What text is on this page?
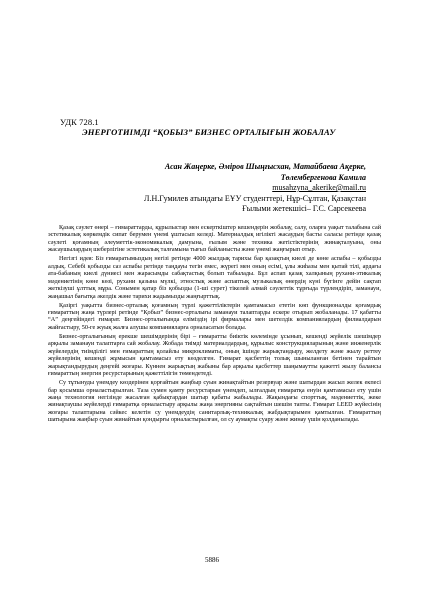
УДК 728.1
ЭНЕРГОТИІМДІ “ҚОБЫЗ” БИЗНЕС ОРТАЛЫҒЫН ЖОБАЛАУ
Асан Жаңерке, Әміров Шыңғысхан, Матайбаева Ақерке,
Төлембергенова Камила
musahzyna_akerike@mail.ru
Л.Н.Гумилев атындағы ЕҰУ студенттері, Нұр-Сұлтан, Қазақстан
Ғылыми жетекшісі– Г.С. Сарсекеева

Қазақ сәулет өнері – ғимараттарды, құрылыстар мен ескерткіштер кешендерін жобалау, салу, оларға уақыт талабына сай эстетикалық көркемдік сипат берумен үнемі ұштасып келеді. Материалдық игілікті жасаудың басты саласы ретінде қазақ сәулеті қоғамның әлеуметтік-экономикалық дамуына, ғылым және техника жетістіктерінің жинақталуына, оны жасаушылардың шеберлігіне эстетикалық талғамына тығыз байланысты және үнемі жаңғырып отыр.

Негізгі идея: Біз ғимаратымыздың негізі ретінде 4000 жылдық тарихы бар қазақтың киелі де көне аспабы – қобызды алдық. Себебі қобызды саз аспабы ретінде таңдауы тегін емес, жүрегі мен оның есімі, ұлы жиһазы мен қытай тілі, ардағы ата-бабаның киелі дүниесі мен жарасымды сабақтастық болып табылады. Бұл аспап қазақ халқының рухани-этикалық мәдениетінің көне көзі, рухани қазына мүлкі, этностық және аспаптық музыкалық өнердің күні бүгінге дейін сақтап жеткізуші ұлттық мұра. Сонымен қатар біз қобызды (1-ші сурет) тікелей алмай сәулеттік тұрғыда түрлендіріп, заманауи, жаңашыл бағытқа әкелдік және тарихи жадымызды жаңғырттық.

Қазіргі уақытта бизнес-орталық қоғамның түрлі қажеттіліктерін қамтамасыз ететін көп функционалды қоғамдық ғимараттың жаңа түрлері ретінде “Қобыз” бизнес-орталығы заманауи талаптарды ескере отырып жобаланады. 17 қабатты “А” деңгейіндегі ғимарат. Бизнес-орталығында еліміздің ірі фирмалары мен шетелдік компаниялардың филиалдарын жайғастыру, 50-ге жуық жалға алушы компанияларға орналасатын болады.

Бизнес-орталығының ерекше шешімдерінің бірі – ғимаратты биіктік көлемінде ұсынып, кешенді жүйелік шешімдер арқылы заманауи талаптарға сай жобалау. Жобада тиімді материалдардың, құрылыс конструкцияларының және инженерлік жүйелердің тиімділігі мен ғимараттың қолайлы микроклиматы, оның ішінде жарықтандыру, желдету және жылу реттеу жүйелерінің кешенді жұмысын қамтамасыз ету көзделген. Ғимарат қасбеттің толық шыныланған бетінен тарайтын жарықтандырудың деңгейі жоғары. Күннен жарықтың жабыны бар арқылы қасбеттер шаңымаутты қажетті жылу балансы ғимараттың энергия ресурстарының қажеттілігін төмендетеді.

Су тұтынуды үнемдеу көздерінен қорғайтын жаңбыр суын жинақтайтын резервуар және шатырдан жасыл желек екпесі бар қосымша орналастырылған. Таза сумен қамту ресурстарын үнемдеп, ылғалдың ғимаратқа енуін қамтамасыз ету үшін жаңа технология негізінде жасалған қабықтардан шатыр қабаты жабылады. Жақындағы спорттық, мәдениеттік, жеке жинақтаушы жүйелерді ғимаратқа орналастыру арқылы жаңа энергияны сақтайтын шешім тапты. Ғимарат LEED жүйесінің жоғары талаптарына сәйкес келетін су үнемдеудің санитарлық-техникалық жабдықтарымен қамтылған. Ғимараттың шатырына жаңбыр суын жинайтын қондырғы орналастырылған, ол су аумақты суару және жинау үшін қолданылады.

5886
